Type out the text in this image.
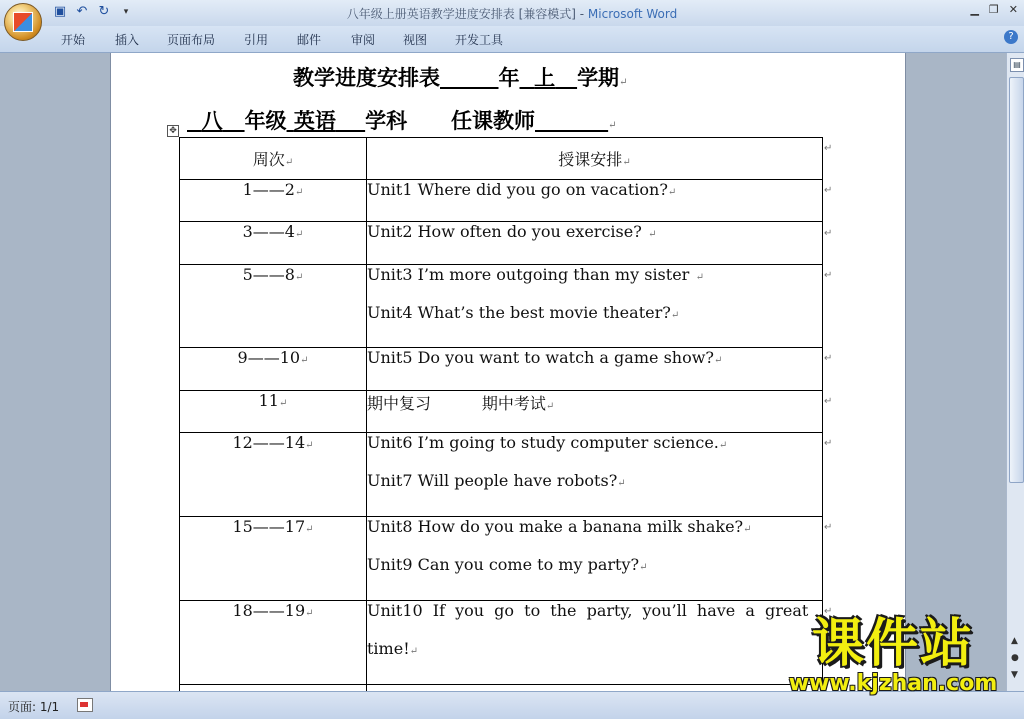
▣ ↶ ↻	▾	八年级上册英语教学进度安排表 [兼容模式] - Microsoft Word	▁ ❐ ✕
开始 插入 页面布局 引用 邮件 审阅 视图 开发工具	?
教学进度安排表	年 上 学期↵
八 年级 英语 学科 任课教师	↵
✥
周次↵	授课安排↵
1——2↵	Unit1 Where did you go on vacation?↵
3——4↵	Unit2 How often do you exercise?  ↵
5——8↵	Unit3 I’m more outgoing than my sister  ↵
Unit4 What’s the best movie theater?↵

9——10↵	Unit5 Do you want to watch a game show?↵
11↵	期中复习          期中考试↵
12——14↵	Unit6 I’m going to study computer science.↵
Unit7 Will people have robots?↵

15——17↵	Unit8 How do you make a banana milk shake?↵
Unit9 Can you come to my party?↵

18——19↵	Unit10 If you go to the party, you’ll have a great
time!↵

↵
↵
↵
↵
↵
↵
↵
↵
↵
▤
▲
●
▼
页面: 1/1
课件站
www.kjzhan.com
